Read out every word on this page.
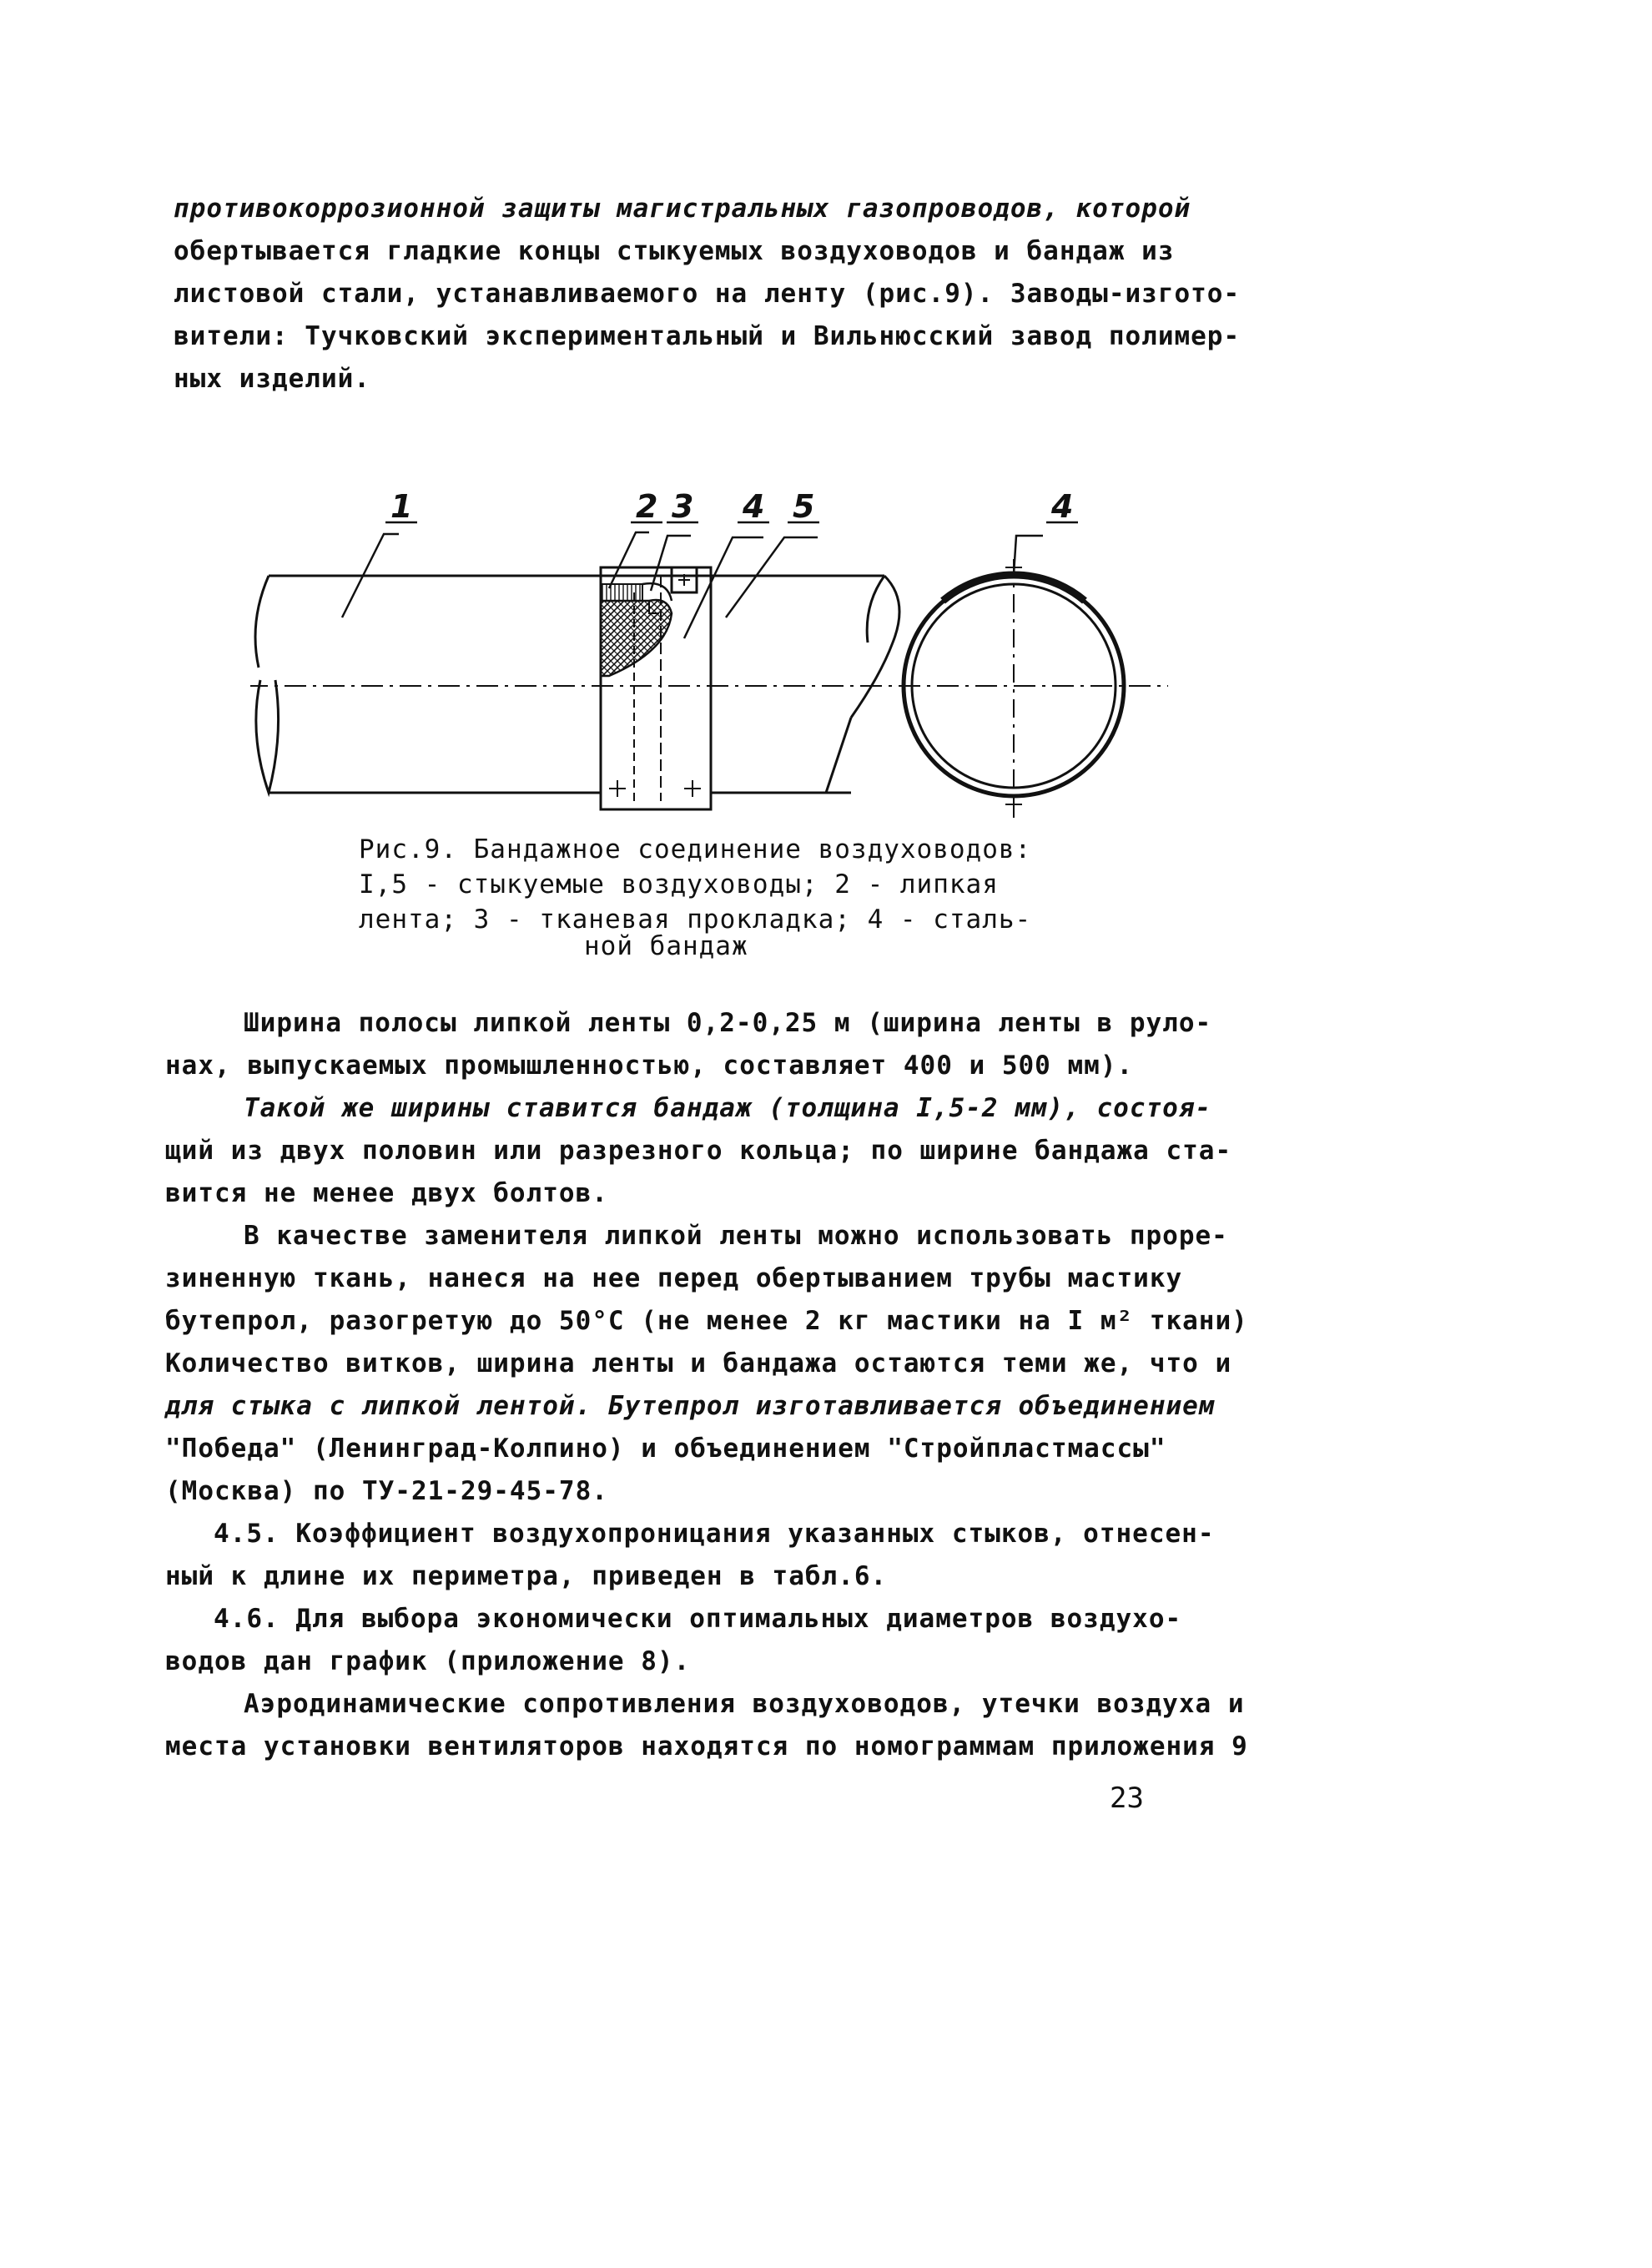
противокоррозионной защиты магистральных газопроводов, которой
обертывается гладкие концы стыкуемых воздуховодов и бандаж из
листовой стали, устанавливаемого на ленту (рис.9). Заводы-изгото-
вители: Тучковский экспериментальный и Вильнюсский завод полимер-
ных изделий.
1	2 3 4 5	4
Рис.9. Бандажное соединение воздуховодов:
I,5 - стыкуемые воздуховоды; 2 - липкая
лента; 3 - тканевая прокладка; 4 - сталь-
ной бандаж
Ширина полосы липкой ленты 0,2-0,25 м (ширина ленты в руло-
нах, выпускаемых промышленностью, составляет 400 и 500 мм).
Такой же ширины ставится бандаж (толщина I,5-2 мм), состоя-
щий из двух половин или разрезного кольца; по ширине бандажа ста-
вится не менее двух болтов.
В качестве заменителя липкой ленты можно использовать прорe-
зиненную ткань, нанеся на нее перед обертыванием трубы мастику
бутепрол, разогретую до 50°С (не менее 2 кг мастики на I м² ткани)
Количество витков, ширина ленты и бандажа остаются теми же, что и
для стыка с липкой лентой. Бутепрол изготавливается объединением
"Победа" (Ленинград-Колпино) и объединением "Стройпластмассы"
(Москва) по ТУ-21-29-45-78.
4.5. Коэффициент воздухопроницания указанных стыков, отнесен-
ный к длине их периметра, приведен в табл.6.
4.6. Для выбора экономически оптимальных диаметров воздухо-
водов дан график (приложение 8).
Аэродинамические сопротивления воздуховодов, утечки воздуха и
места установки вентиляторов находятся по номограммам приложения 9
23
